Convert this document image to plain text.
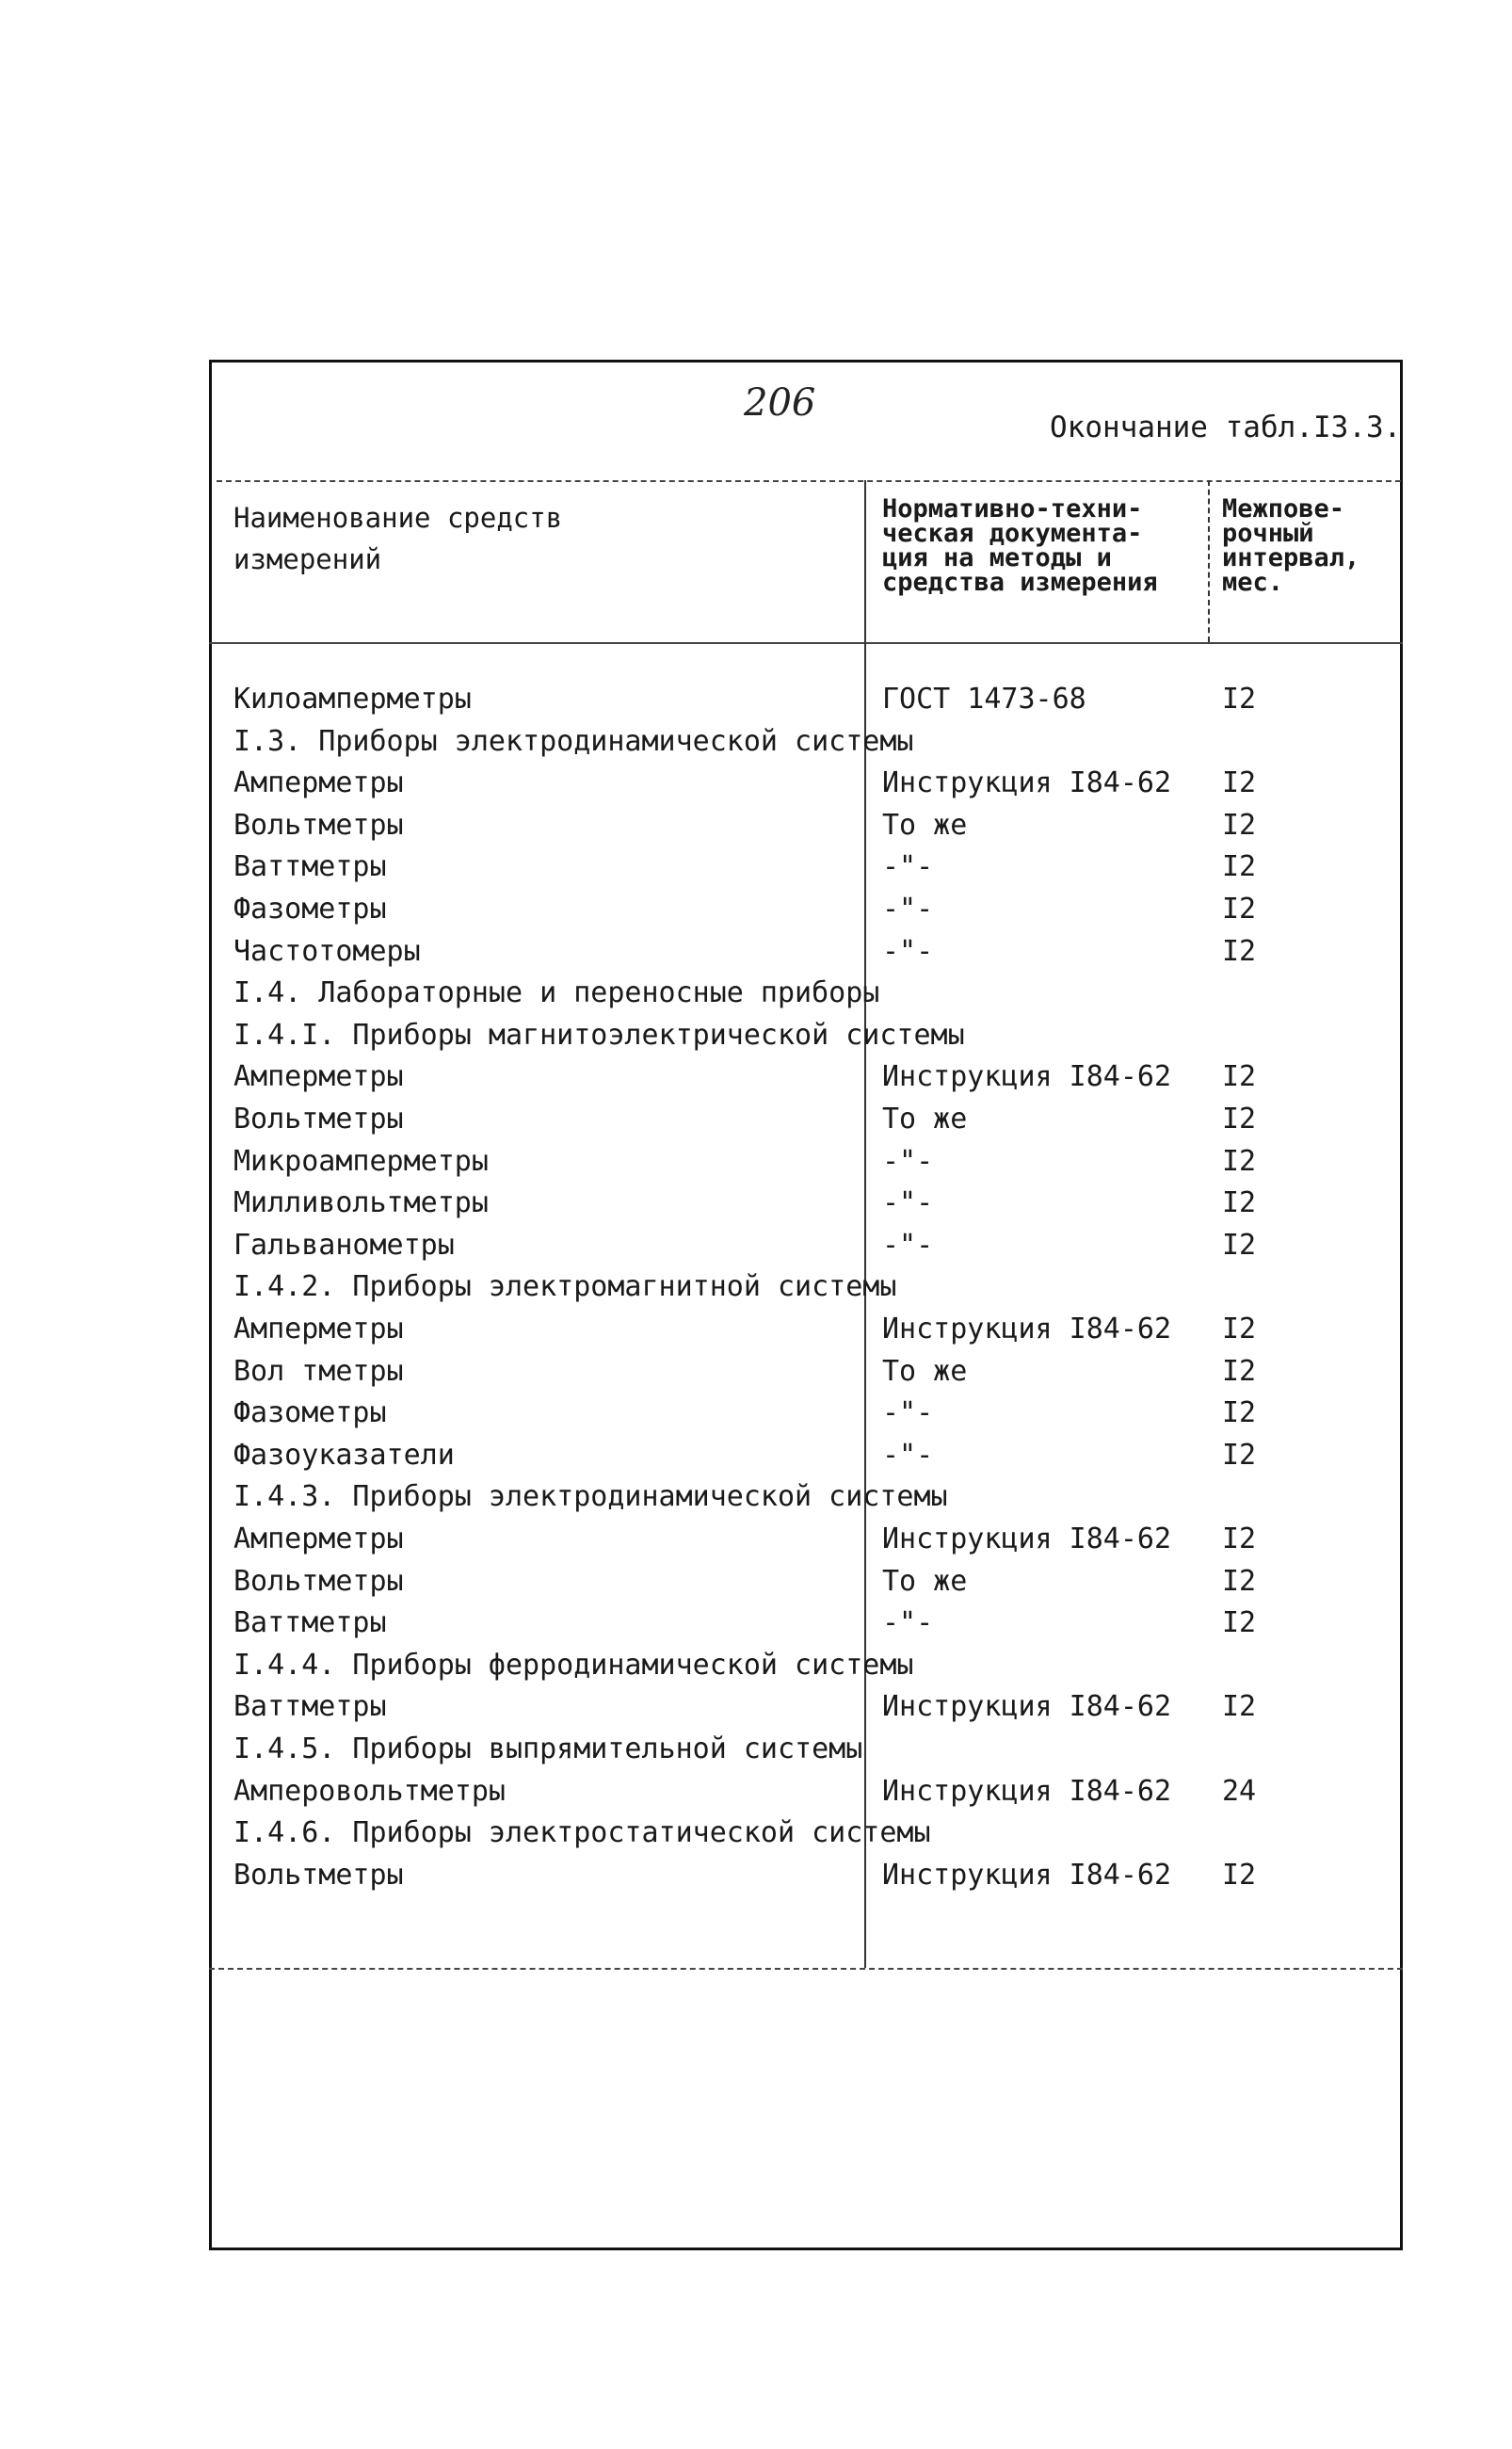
206
Окончание табл.I3.3.
Наименование средств
измерений
Нормативно-техни-
ческая документа-
ция на методы и
средства измерения
Межпове-
рочный
интервал,
мес.
Килоамперметры	ГОСТ 1473-68	I2
I.3. Приборы электродинамической системы
Амперметры	Инструкция I84-62 I2
Вольтметры	То же	I2
Ваттметры	-"-	I2
Фазометры	-"-	I2
Частотомеры	-"-	I2
I.4. Лабораторные и переносные приборы
I.4.I. Приборы магнитоэлектрической системы
Амперметры	Инструкция I84-62 I2
Вольтметры	То же	I2
Микроамперметры	-"-	I2
Милливольтметры	-"-	I2
Гальванометры	-"-	I2
I.4.2. Приборы электромагнитной системы
Амперметры	Инструкция I84-62 I2
Вол тметры	То же	I2
Фазометры	-"-	I2
Фазоуказатели	-"-	I2
I.4.3. Приборы электродинамической системы
Амперметры	Инструкция I84-62 I2
Вольтметры	То же	I2
Ваттметры	-"-	I2
I.4.4. Приборы ферродинамической системы
Ваттметры	Инструкция I84-62 I2
I.4.5. Приборы выпрямительной системы
Амперовольтметры	Инструкция I84-62 24
I.4.6. Приборы электростатической системы
Вольтметры	Инструкция I84-62 I2
